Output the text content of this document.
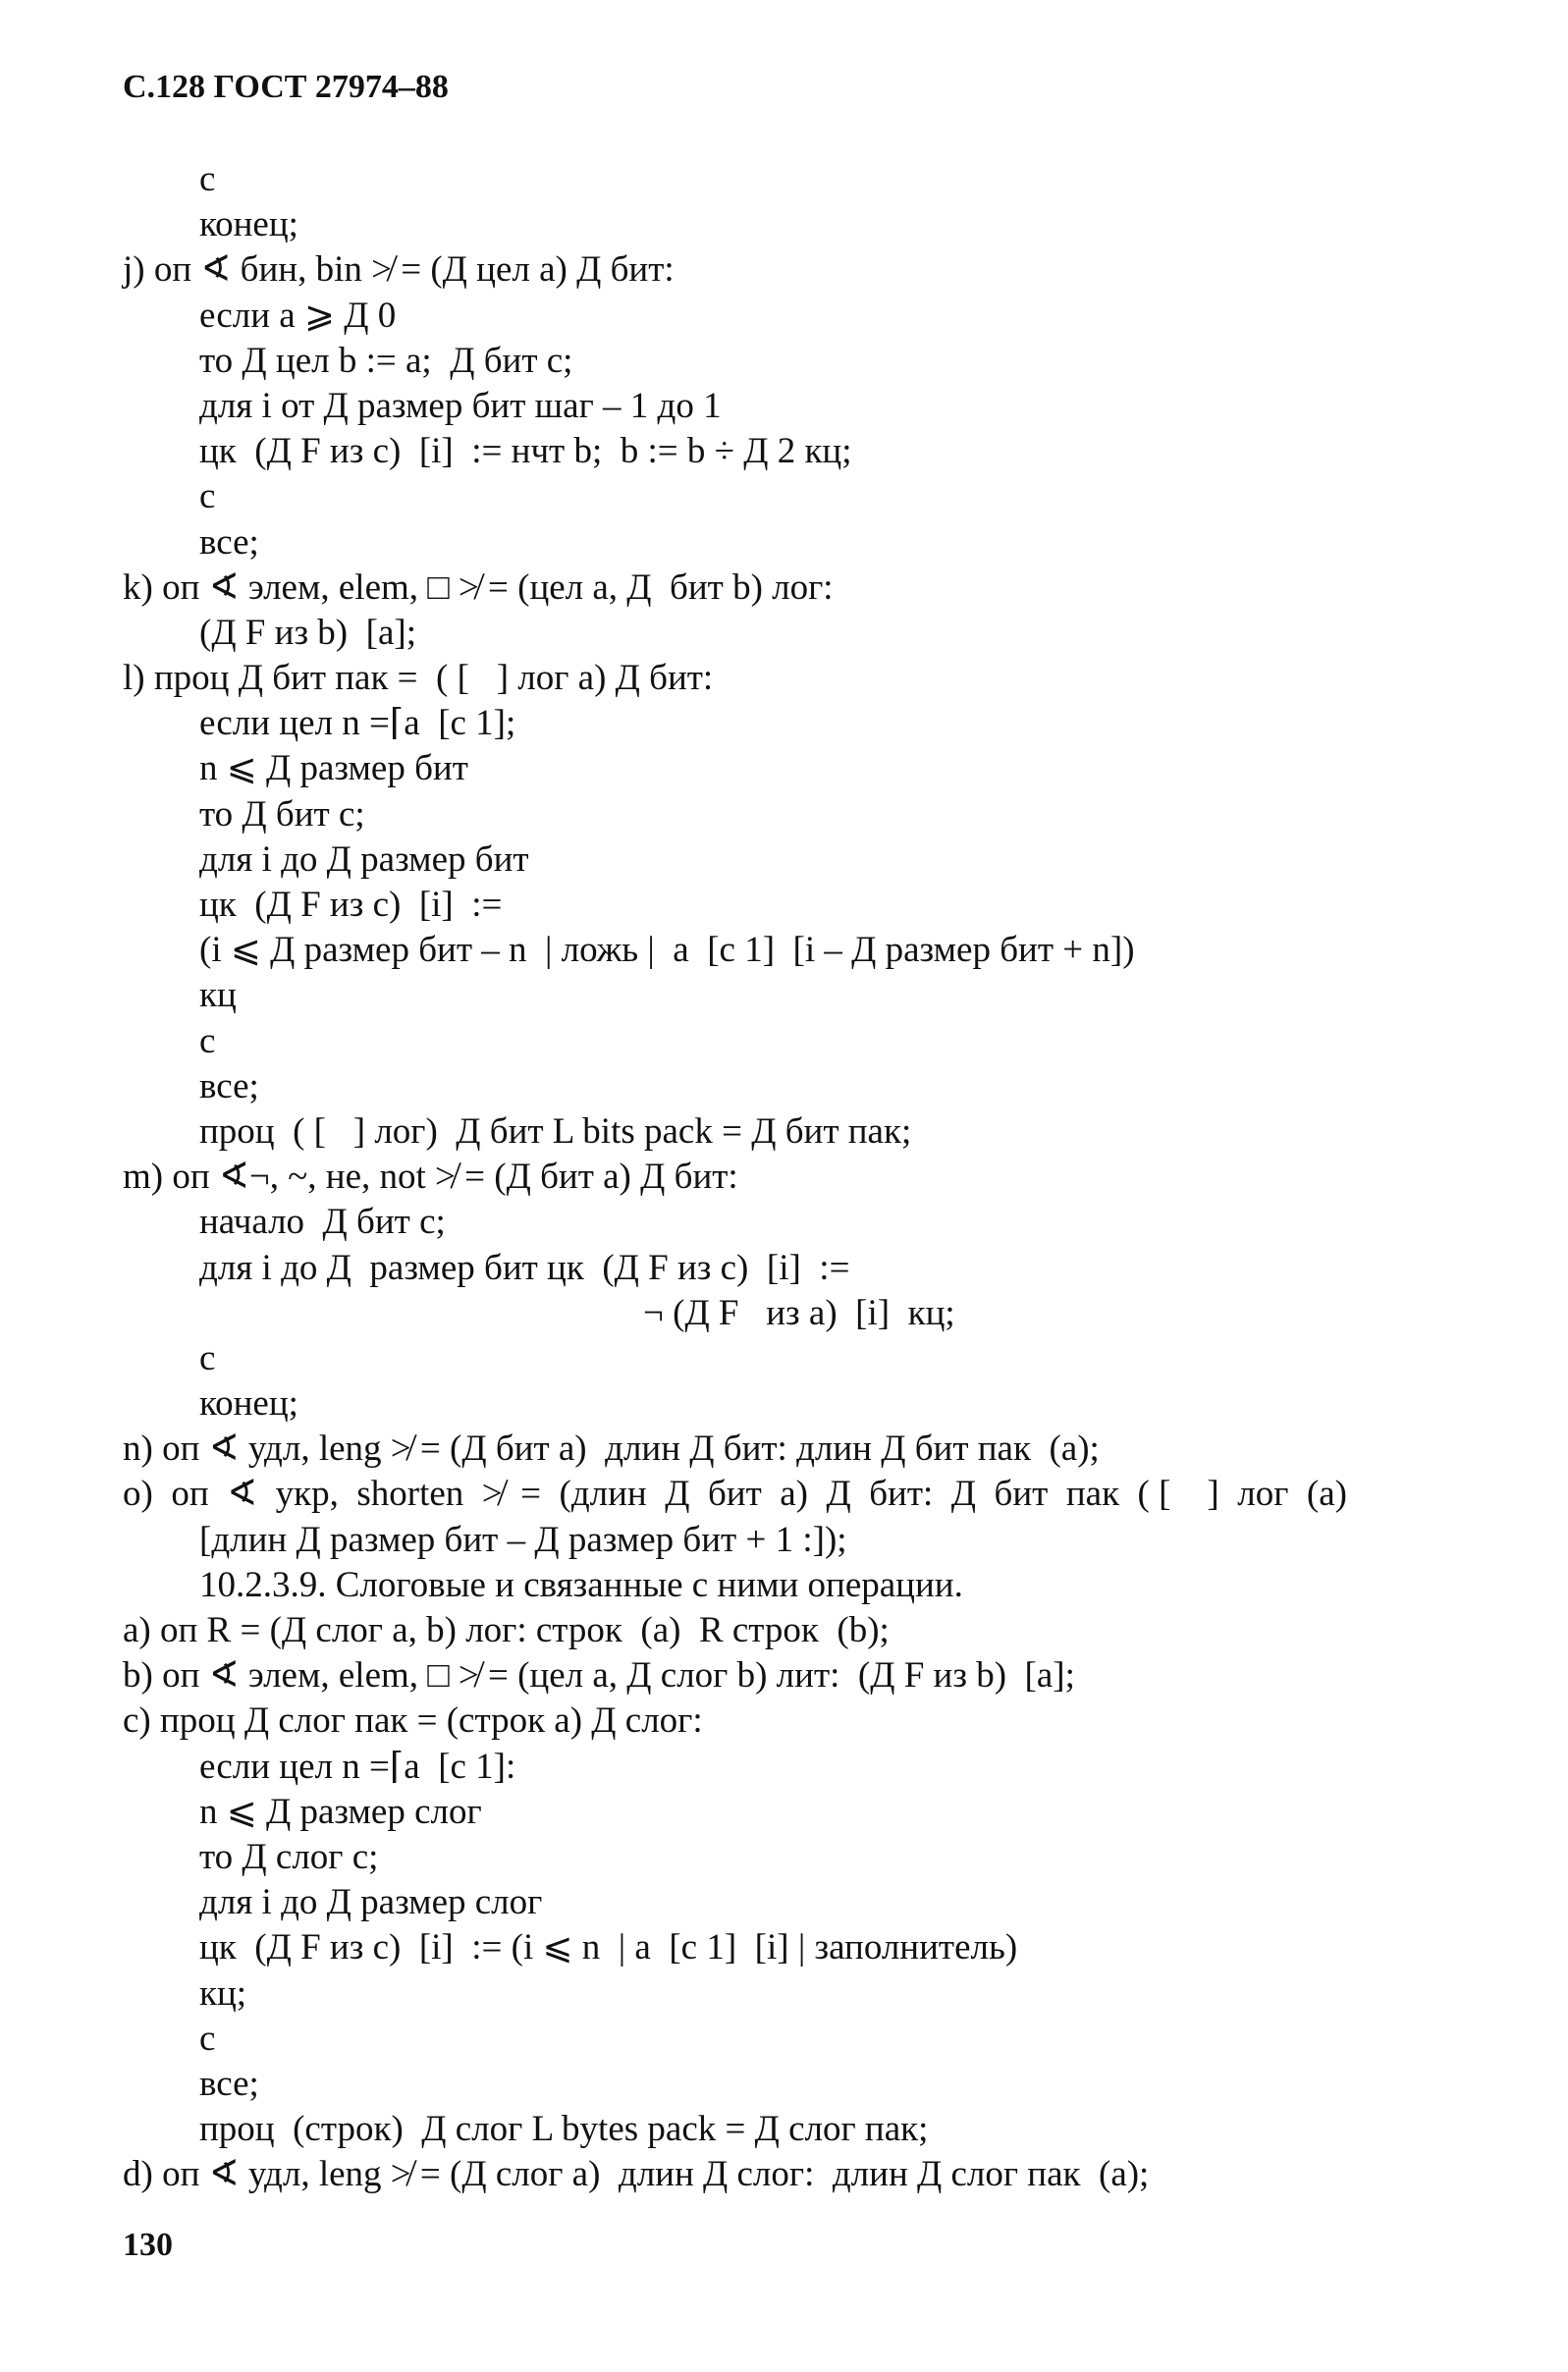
С.128 ГОСТ 27974–88
с
конец;
j) оп ∢ бин, bin ≯ = (Д цел а) Д бит:
если а ⩾ Д 0
то Д цел b := а;  Д бит с;
для i от Д размер бит шаг – 1 до 1
цк  (Д F из с)  [i]  := нчт b;  b := b ÷ Д 2 кц;
с
все;
k) оп ∢ элем, elem, □ ≯ = (цел а, Д  бит b) лог:
(Д F из b)  [а];
l) проц Д бит пак =  ( [   ] лог а) Д бит:
если цел n =⌈а  [с 1];
n ⩽ Д размер бит
то Д бит с;
для i до Д размер бит
цк  (Д F из с)  [i]  :=
(i ⩽ Д размер бит – n  | ложь |  а  [с 1]  [i – Д размер бит + n])
кц
с
все;
проц  ( [   ] лог)  Д бит L bits pack = Д бит пак;
m) оп ∢¬, ~, не, not ≯ = (Д бит а) Д бит:
начало  Д бит с;
для i до Д  размер бит цк  (Д F из с)  [i]  :=
¬ (Д F   из а)  [i]  кц;
с
конец;
n) оп ∢ удл, leng ≯ = (Д бит а)  длин Д бит: длин Д бит пак  (а);
o)  оп  ∢  укр,  shorten  ≯  =  (длин  Д  бит  а)  Д  бит:  Д  бит  пак  ( [    ]  лог  (а)
[длин Д размер бит – Д размер бит + 1 :]);
10.2.3.9. Слоговые и связанные с ними операции.
a) оп R = (Д слог а, b) лог: строк  (а)  R строк  (b);
b) оп ∢ элем, elem, □ ≯ = (цел а, Д слог b) лит:  (Д F из b)  [а];
c) проц Д слог пак = (строк а) Д слог:
если цел n =⌈а  [с 1]:
n ⩽ Д размер слог
то Д слог с;
для i до Д размер слог
цк  (Д F из с)  [i]  := (i ⩽ n  | а  [с 1]  [i] | заполнитель)
кц;
с
все;
проц  (строк)  Д слог L bytes pack = Д слог пак;
d) оп ∢ удл, leng ≯ = (Д слог а)  длин Д слог:  длин Д слог пак  (а);
130
